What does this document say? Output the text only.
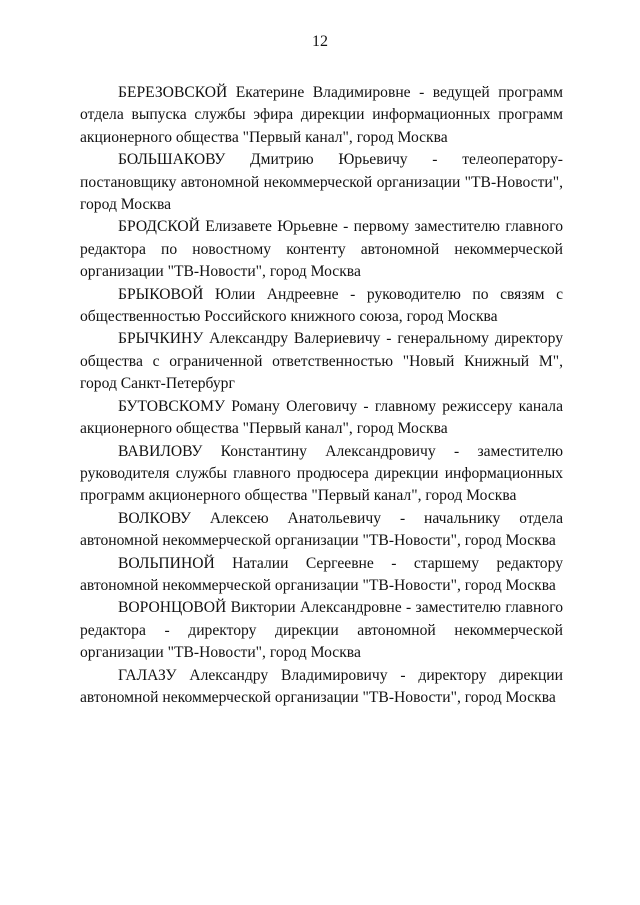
12

БЕРЕЗОВСКОЙ Екатерине Владимировне - ведущей программ отдела выпуска службы эфира дирекции информационных программ акционерного общества "Первый канал", город Москва

БОЛЬШАКОВУ Дмитрию Юрьевичу - телеоператору-постановщику автономной некоммерческой организации "ТВ-Новости", город Москва

БРОДСКОЙ Елизавете Юрьевне - первому заместителю главного редактора по новостному контенту автономной некоммерческой организации "ТВ-Новости", город Москва

БРЫКОВОЙ Юлии Андреевне - руководителю по связям с общественностью Российского книжного союза, город Москва

БРЫЧКИНУ Александру Валериевичу - генеральному директору общества с ограниченной ответственностью "Новый Книжный М", город Санкт-Петербург

БУТОВСКОМУ Роману Олеговичу - главному режиссеру канала акционерного общества "Первый канал", город Москва

ВАВИЛОВУ Константину Александровичу - заместителю руководителя службы главного продюсера дирекции информационных программ акционерного общества "Первый канал", город Москва

ВОЛКОВУ Алексею Анатольевичу - начальнику отдела автономной некоммерческой организации "ТВ-Новости", город Москва

ВОЛЬПИНОЙ Наталии Сергеевне - старшему редактору автономной некоммерческой организации "ТВ-Новости", город Москва

ВОРОНЦОВОЙ Виктории Александровне - заместителю главного редактора - директору дирекции автономной некоммерческой организации "ТВ-Новости", город Москва

ГАЛАЗУ Александру Владимировичу - директору дирекции автономной некоммерческой организации "ТВ-Новости", город Москва
